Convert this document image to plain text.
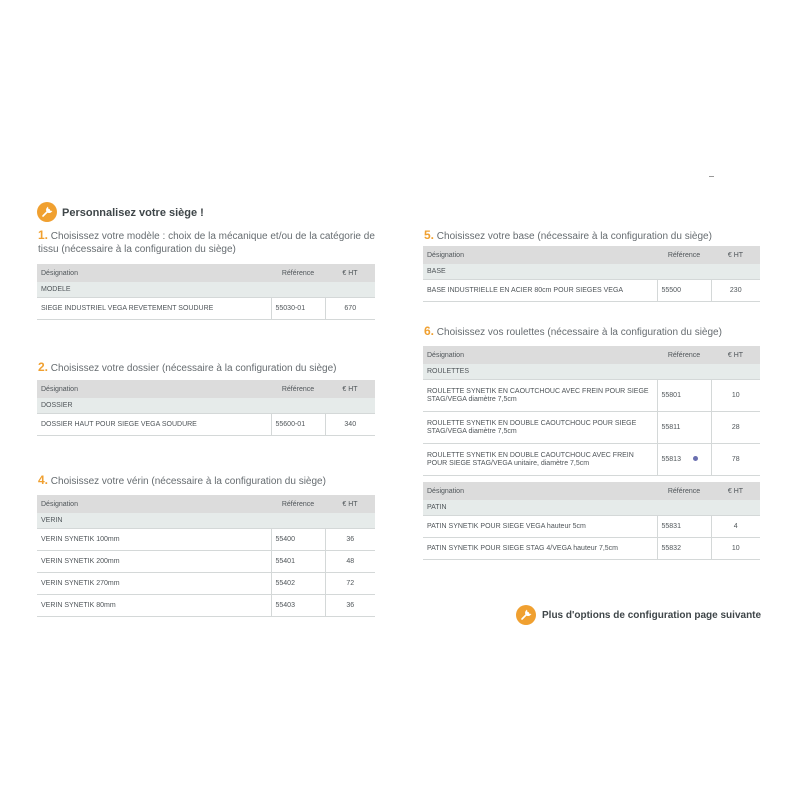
Personnalisez votre siège !
1. Choisissez votre modèle : choix de la mécanique et/ou de la catégorie de tissu (nécessaire à la configuration du siège)
Désignation	Référence	€ HT
MODELE		
SIEGE INDUSTRIEL VEGA REVETEMENT SOUDURE	55030-01	670
2. Choisissez votre dossier (nécessaire à la configuration du siège)
Désignation	Référence	€ HT
DOSSIER		
DOSSIER HAUT POUR SIEGE VEGA SOUDURE	55600-01	340
4. Choisissez votre vérin (nécessaire à la configuration du siège)
Désignation	Référence	€ HT
VERIN		
VERIN SYNETIK 100mm	55400	36
VERIN SYNETIK 200mm	55401	48
VERIN SYNETIK 270mm	55402	72
VERIN SYNETIK 80mm	55403	36
5. Choisissez votre base (nécessaire à la configuration du siège)
Désignation	Référence	€ HT
BASE		
BASE INDUSTRIELLE EN ACIER 80cm POUR SIEGES VEGA	55500	230
6. Choisissez vos roulettes (nécessaire à la configuration du siège)
Désignation	Référence	€ HT
ROULETTES		
ROULETTE SYNETIK EN CAOUTCHOUC AVEC FREIN POUR SIEGE STAG/VEGA diamètre 7,5cm	55801	10
ROULETTE SYNETIK EN DOUBLE CAOUTCHOUC POUR SIEGE STAG/VEGA diamètre 7,5cm	55811	28
ROULETTE SYNETIK EN DOUBLE CAOUTCHOUC AVEC FREIN POUR SIEGE STAG/VEGA unitaire, diamètre 7,5cm	55813	78
Désignation	Référence	€ HT
PATIN		
PATIN SYNETIK POUR SIEGE VEGA hauteur 5cm	55831	4
PATIN SYNETIK POUR SIEGE STAG 4/VEGA hauteur 7,5cm	55832	10
Plus d'options de configuration page suivante
